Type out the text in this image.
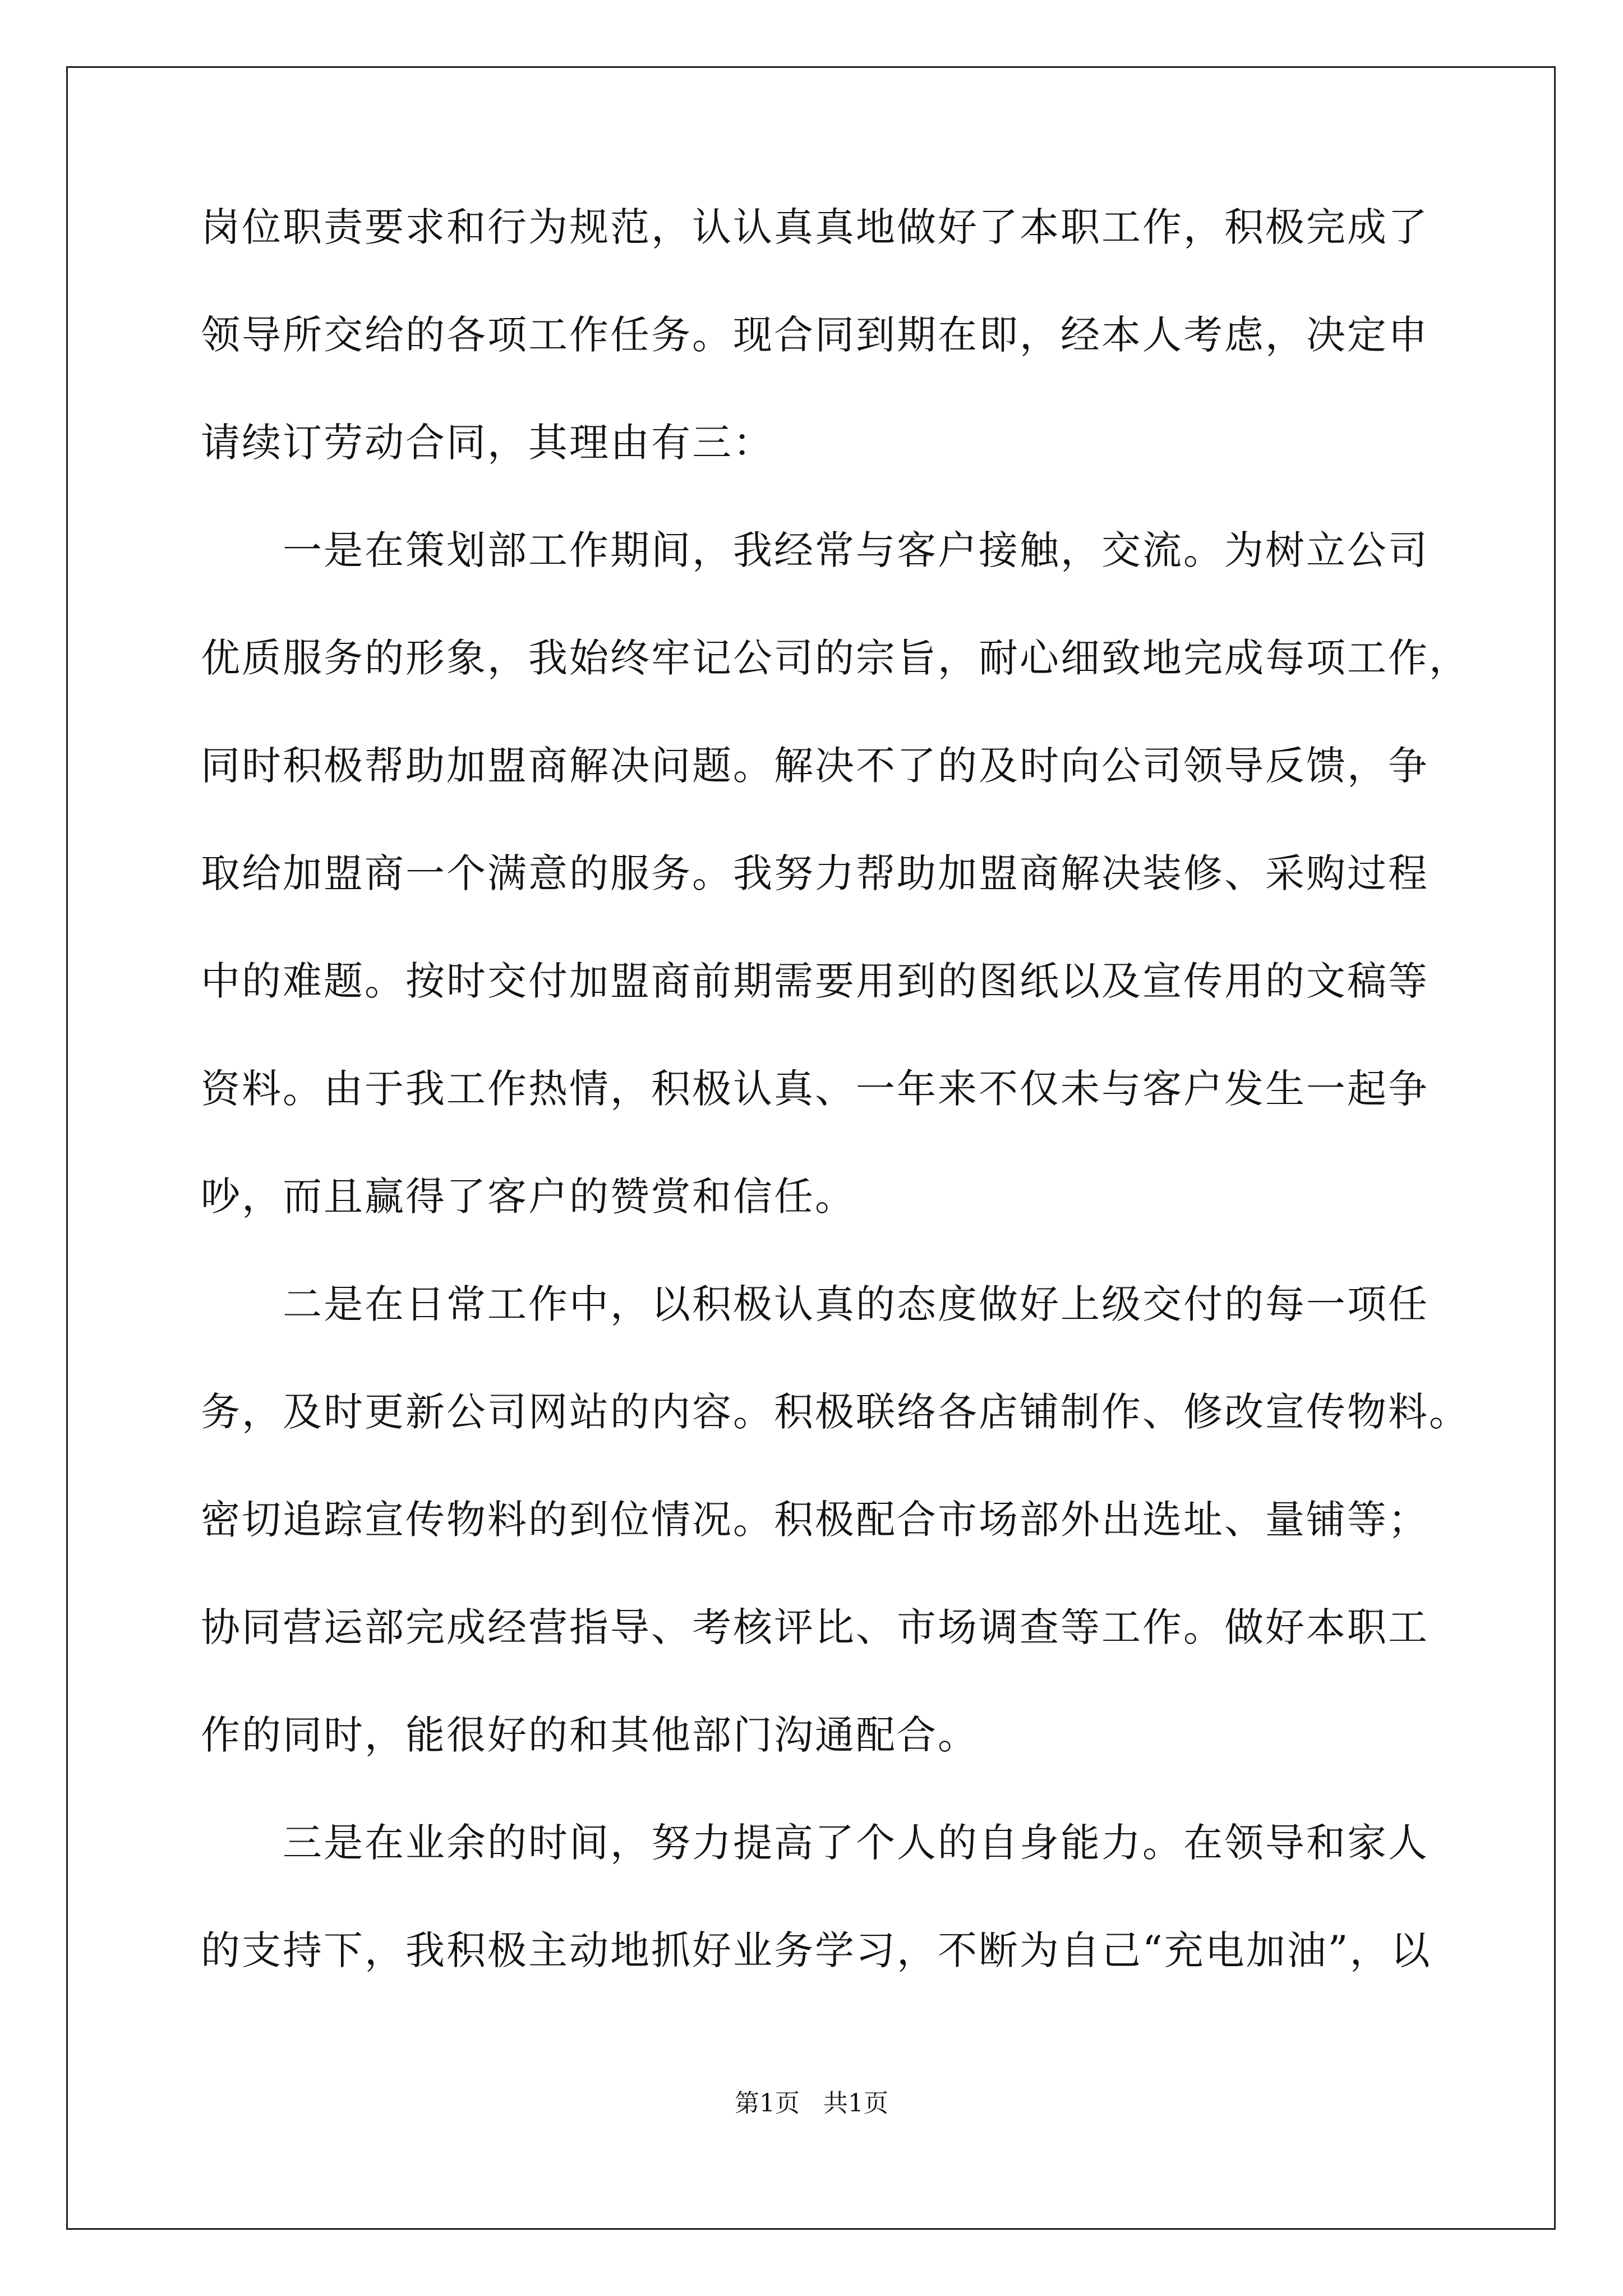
岗位职责要求和行为规范，认认真真地做好了本职工作，积极完成了
领导所交给的各项工作任务。现合同到期在即，经本人考虑，决定申
请续订劳动合同，其理由有三：
一是在策划部工作期间，我经常与客户接触，交流。为树立公司
优质服务的形象，我始终牢记公司的宗旨，耐心细致地完成每项工作，
同时积极帮助加盟商解决问题。解决不了的及时向公司领导反馈，争
取给加盟商一个满意的服务。我努力帮助加盟商解决装修、采购过程
中的难题。按时交付加盟商前期需要用到的图纸以及宣传用的文稿等
资料。由于我工作热情，积极认真、一年来不仅未与客户发生一起争
吵，而且赢得了客户的赞赏和信任。
二是在日常工作中，以积极认真的态度做好上级交付的每一项任
务，及时更新公司网站的内容。积极联络各店铺制作、修改宣传物料。
密切追踪宣传物料的到位情况。积极配合市场部外出选址、量铺等；
协同营运部完成经营指导、考核评比、市场调查等工作。做好本职工
作的同时，能很好的和其他部门沟通配合。
三是在业余的时间，努力提高了个人的自身能力。在领导和家人
的支持下，我积极主动地抓好业务学习，不断为自己“充电加油”，以
第1页   共1页
